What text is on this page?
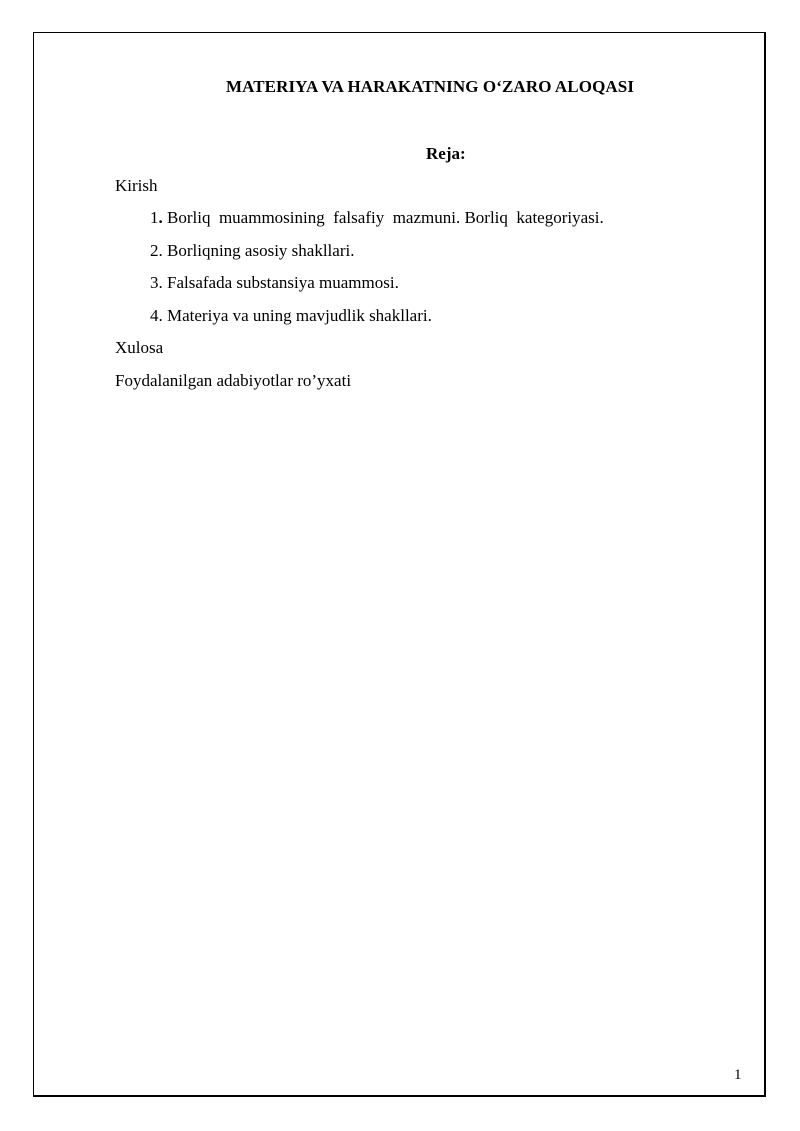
MATERIYA VA HARAKATNING O‘ZARO ALOQASI
Reja:

Kirish

1. Borliq  muammosining  falsafiy  mazmuni. Borliq  kategoriyasi.
2. Borliqning asosiy shakllari.
3. Falsafada substansiya muammosi.
4. Materiya va uning mavjudlik shakllari.

Xulosa

Foydalanilgan adabiyotlar ro’yxati

1
